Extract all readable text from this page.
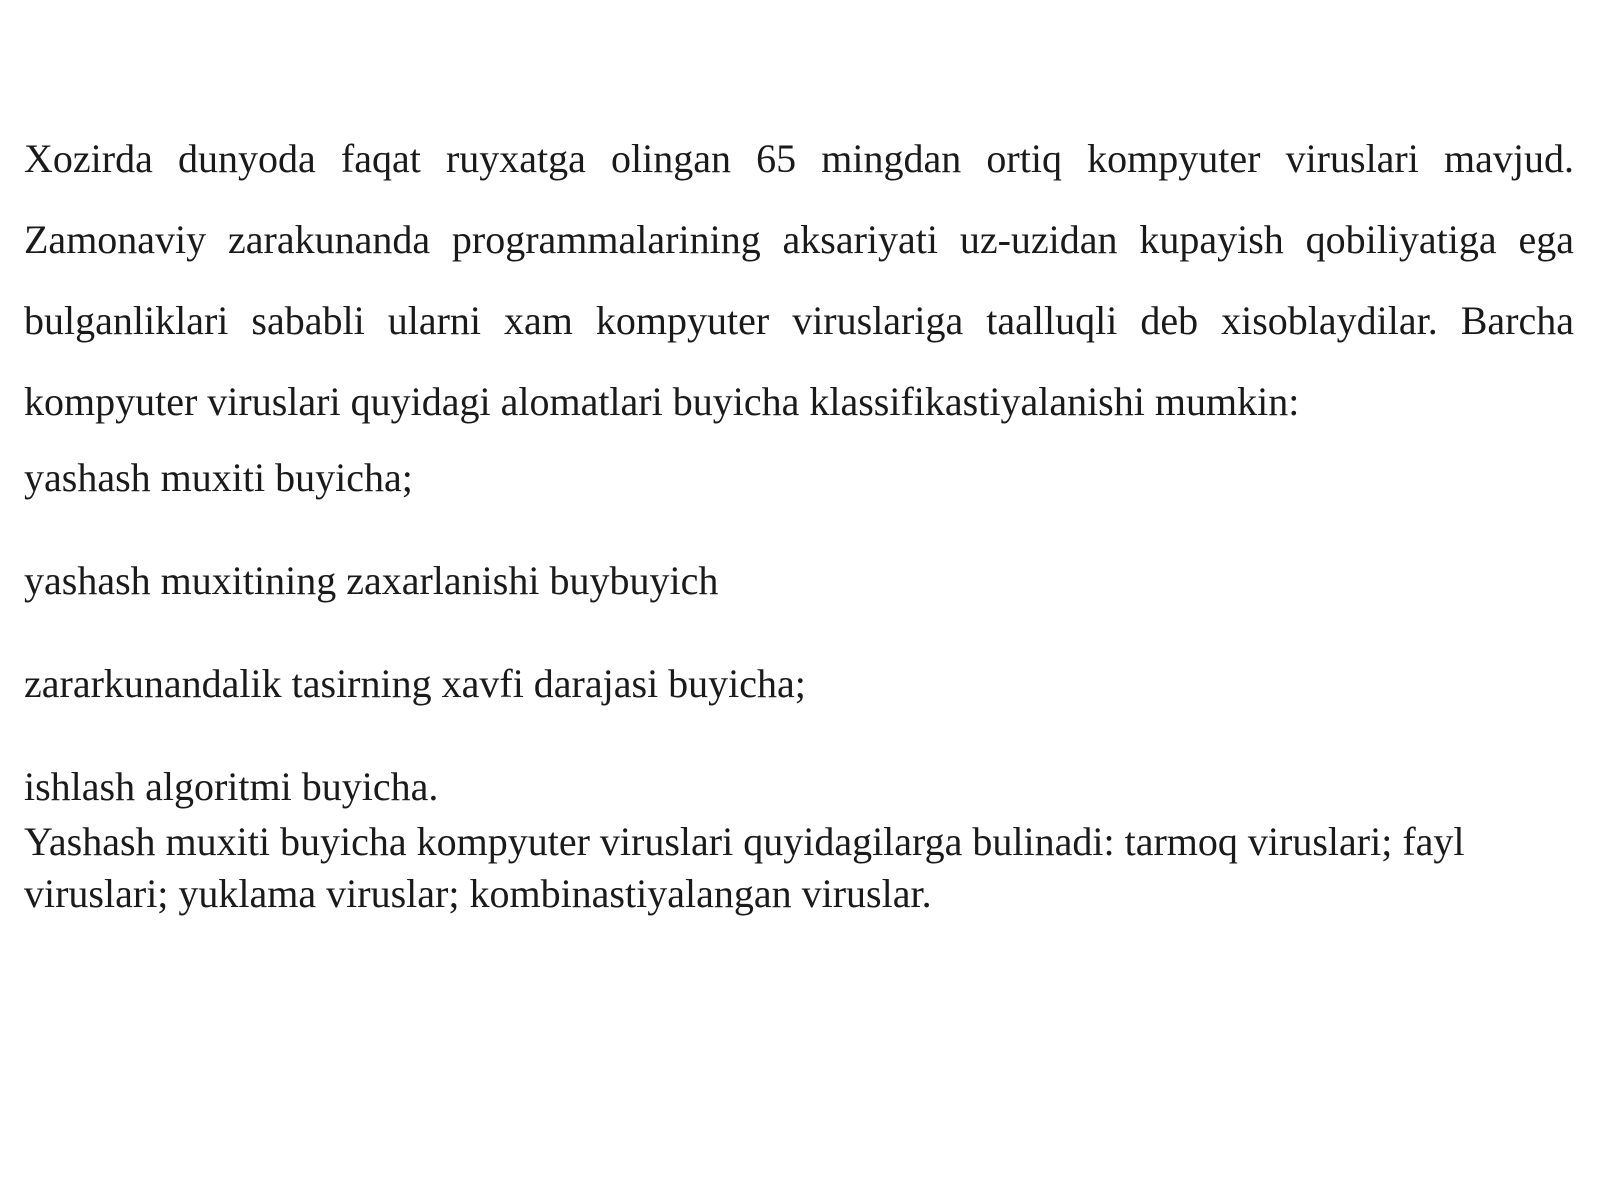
Xozirda dunyoda faqat ruyxatga olingan 65 mingdan ortiq kompyuter viruslari mavjud. Zamonaviy zarakunanda programmalarining aksariyati uz-uzidan kupayish qobiliyatiga ega bulganliklari sababli ularni xam kompyuter viruslariga taalluqli deb xisoblaydilar. Barcha kompyuter viruslari quyidagi alomatlari buyicha klassifikastiyalanishi mumkin:

yashash muxiti buyicha;
yashash muxitining zaxarlanishi buybuyich
zararkunandalik tasirning xavfi darajasi buyicha;
ishlash algoritmi buyicha.

Yashash muxiti buyicha kompyuter viruslari quyidagilarga bulinadi: tarmoq viruslari; fayl viruslari; yuklama viruslar; kombinastiyalangan viruslar.
